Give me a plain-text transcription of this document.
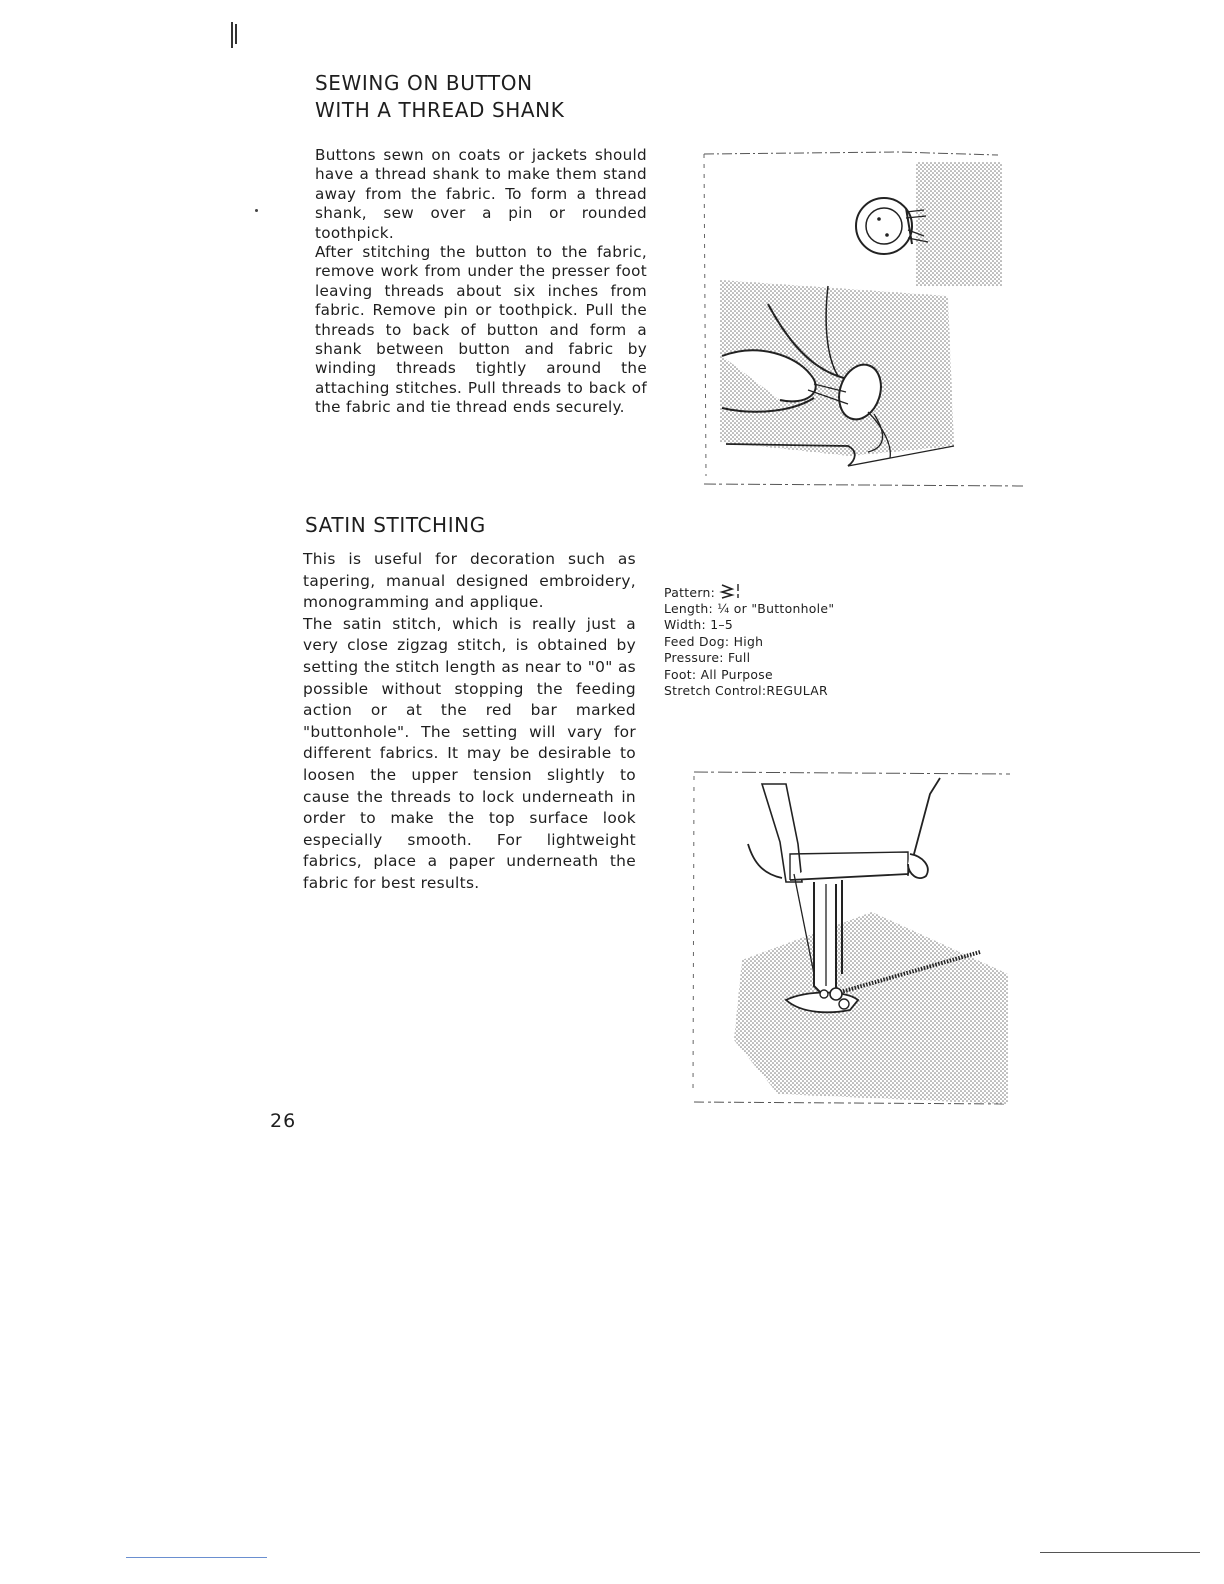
SEWING ON BUTTON
WITH A THREAD SHANK
Buttons sewn on coats or jackets should have a thread shank to make them stand away from the fabric. To form a thread shank, sew over a pin or rounded toothpick.
After stitching the button to the fabric, remove work from under the presser foot leaving threads about six inches from fabric. Remove pin or toothpick. Pull the threads to back of button and form a shank between button and fabric by winding threads tightly around the attaching stitches. Pull threads to back of the fabric and tie thread ends securely.
SATIN STITCHING
This is useful for decoration such as tapering, manual designed embroidery, monogramming and applique.
The satin stitch, which is really just a very close zigzag stitch, is obtained by setting the stitch length as near to "0" as possible without stopping the feeding action or at the red bar marked "buttonhole". The setting will vary for different fabrics. It may be desirable to loosen the upper tension slightly to cause the threads to lock underneath in order to make the top surface look especially smooth. For lightweight fabrics, place a paper underneath the fabric for best results.
Pattern:
Length: ¼ or "Buttonhole"
Width: 1–5
Feed Dog: High
Pressure: Full
Foot: All Purpose
Stretch Control:REGULAR
26
